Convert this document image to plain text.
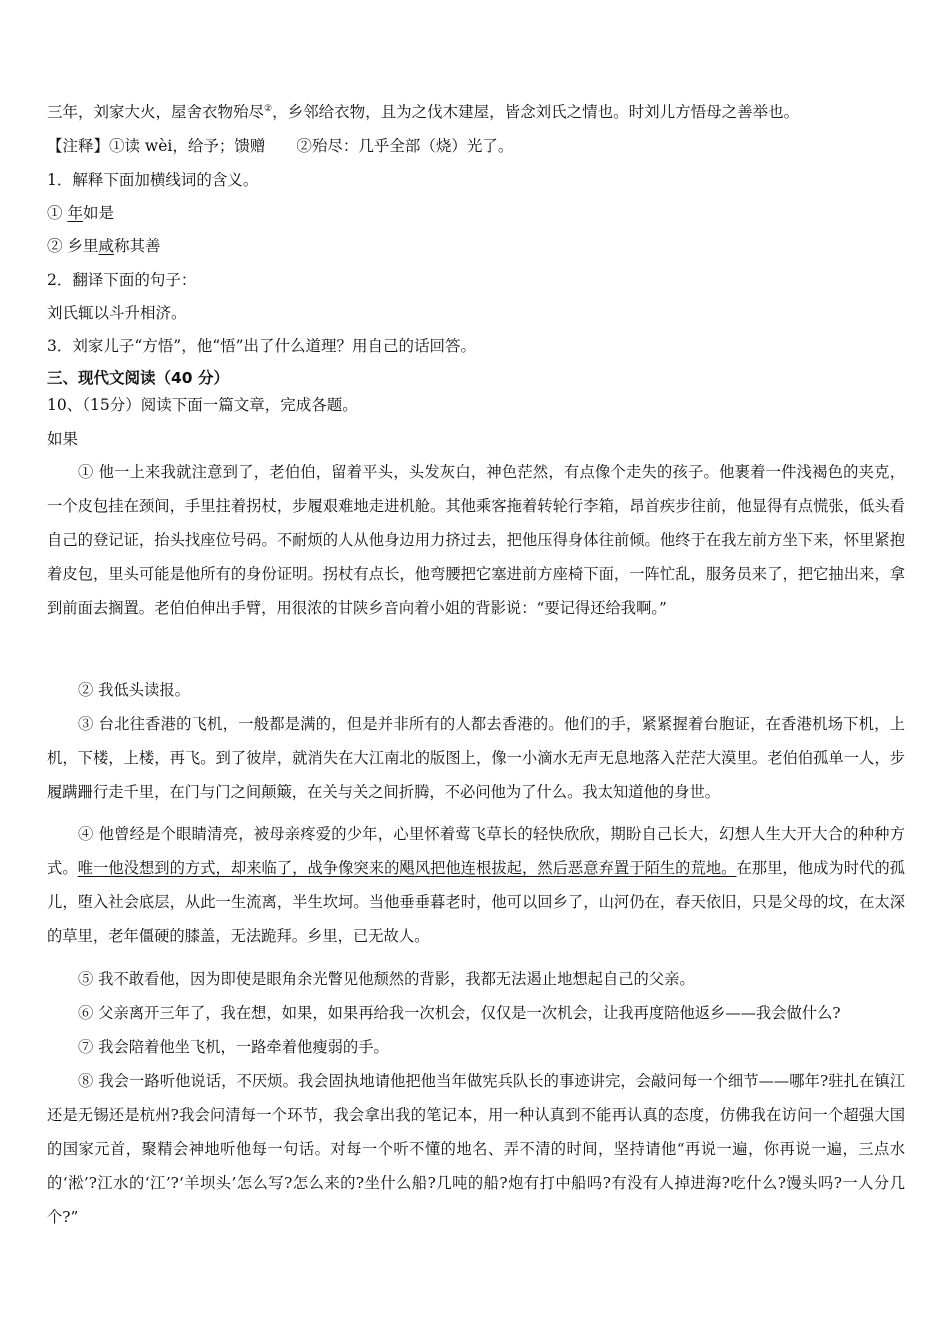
三年，刘家大火，屋舍衣物殆尽②，乡邻给衣物，且为之伐木建屋，皆念刘氏之情也。时刘儿方悟母之善举也。
【注释】①读 wèi，给予；馈赠　　②殆尽：几乎全部（烧）光了。
1．解释下面加横线词的含义。
① 年如是
② 乡里咸称其善
2．翻译下面的句子：
刘氏辄以斗升相济。
3．刘家儿子“方悟”，他“悟”出了什么道理？用自己的话回答。
三、现代文阅读（40 分）
10、（15分）阅读下面一篇文章，完成各题。
如果
① 他一上来我就注意到了，老伯伯，留着平头，头发灰白，神色茫然，有点像个走失的孩子。他裹着一件浅褐色的夹克，一个皮包挂在颈间，手里拄着拐杖，步履艰难地走进机舱。其他乘客拖着转轮行李箱，昂首疾步往前，他显得有点慌张，低头看自己的登记证，抬头找座位号码。不耐烦的人从他身边用力挤过去，把他压得身体往前倾。他终于在我左前方坐下来，怀里紧抱着皮包，里头可能是他所有的身份证明。拐杖有点长，他弯腰把它塞进前方座椅下面，一阵忙乱，服务员来了，把它抽出来，拿到前面去搁置。老伯伯伸出手臂，用很浓的甘陕乡音向着小姐的背影说：“要记得还给我啊。”
② 我低头读报。
③ 台北往香港的飞机，一般都是满的，但是并非所有的人都去香港的。他们的手，紧紧握着台胞证，在香港机场下机，上机，下楼，上楼，再飞。到了彼岸，就消失在大江南北的版图上，像一小滴水无声无息地落入茫茫大漠里。老伯伯孤单一人，步履蹒跚行走千里，在门与门之间颠簸，在关与关之间折腾，不必问他为了什么。我太知道他的身世。
④ 他曾经是个眼睛清亮，被母亲疼爱的少年，心里怀着莺飞草长的轻快欣欣，期盼自己长大，幻想人生大开大合的种种方式。唯一他没想到的方式，却来临了，战争像突来的飓风把他连根拔起，然后恶意弃置于陌生的荒地。在那里，他成为时代的孤儿，堕入社会底层，从此一生流离，半生坎坷。当他垂垂暮老时，他可以回乡了，山河仍在，春天依旧，只是父母的坟，在太深的草里，老年僵硬的膝盖，无法跪拜。乡里，已无故人。
⑤ 我不敢看他，因为即使是眼角余光瞥见他颓然的背影，我都无法遏止地想起自己的父亲。
⑥ 父亲离开三年了，我在想，如果，如果再给我一次机会，仅仅是一次机会，让我再度陪他返乡——我会做什么?
⑦ 我会陪着他坐飞机，一路牵着他瘦弱的手。
⑧ 我会一路听他说话，不厌烦。我会固执地请他把他当年做宪兵队长的事迹讲完，会敲问每一个细节——哪年?驻扎在镇江还是无锡还是杭州?我会问清每一个环节，我会拿出我的笔记本，用一种认真到不能再认真的态度，仿佛我在访问一个超强大国的国家元首，聚精会神地听他每一句话。对每一个听不懂的地名、弄不清的时间，坚持请他“再说一遍，你再说一遍，三点水的‘淞’?江水的‘江’?‘羊坝头’怎么写?怎么来的?坐什么船?几吨的船?炮有打中船吗?有没有人掉进海?吃什么?馒头吗?一人分几个?”
